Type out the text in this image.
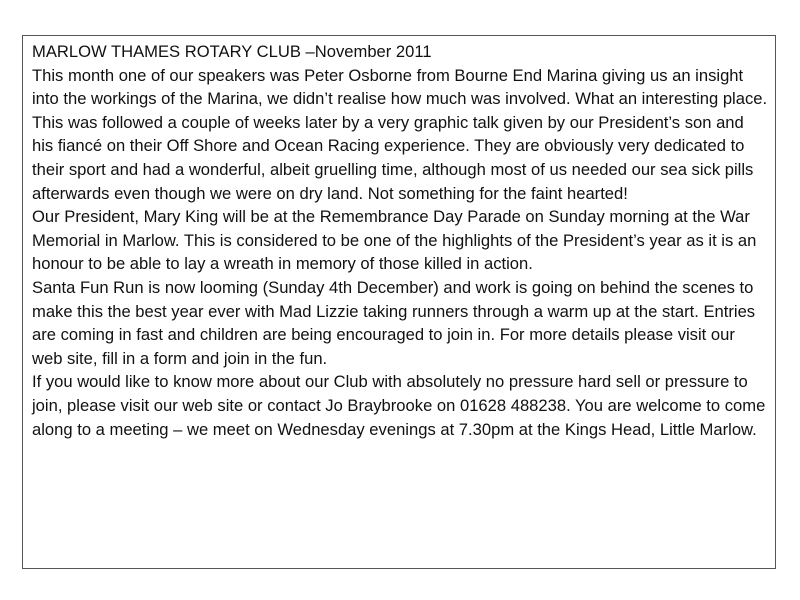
MARLOW THAMES ROTARY CLUB –November 2011

This month one of our speakers was Peter Osborne from Bourne End Marina giving us an insight into the workings of the Marina, we didn’t realise how much was involved. What an interesting place. This was followed a couple of weeks later by a very graphic talk given by our President’s son and his fiancé on their Off Shore and Ocean Racing experience. They are obviously very dedicated to their sport and had a wonderful, albeit gruelling time, although most of us needed our sea sick pills afterwards even though we were on dry land. Not something for the faint hearted!

Our President, Mary King will be at the Remembrance Day Parade on Sunday morning at the War Memorial in Marlow. This is considered to be one of the highlights of the President’s year as it is an honour to be able to lay a wreath in memory of those killed in action.

Santa Fun Run is now looming (Sunday 4th December) and work is going on behind the scenes to make this the best year ever with Mad Lizzie taking runners through a warm up at the start. Entries are coming in fast and children are being encouraged to join in. For more details please visit our web site, fill in a form and join in the fun.

If you would like to know more about our Club with absolutely no pressure hard sell or pressure to join, please visit our web site or contact Jo Braybrooke on 01628 488238. You are welcome to come along to a meeting – we meet on Wednesday evenings at 7.30pm at the Kings Head, Little Marlow.
